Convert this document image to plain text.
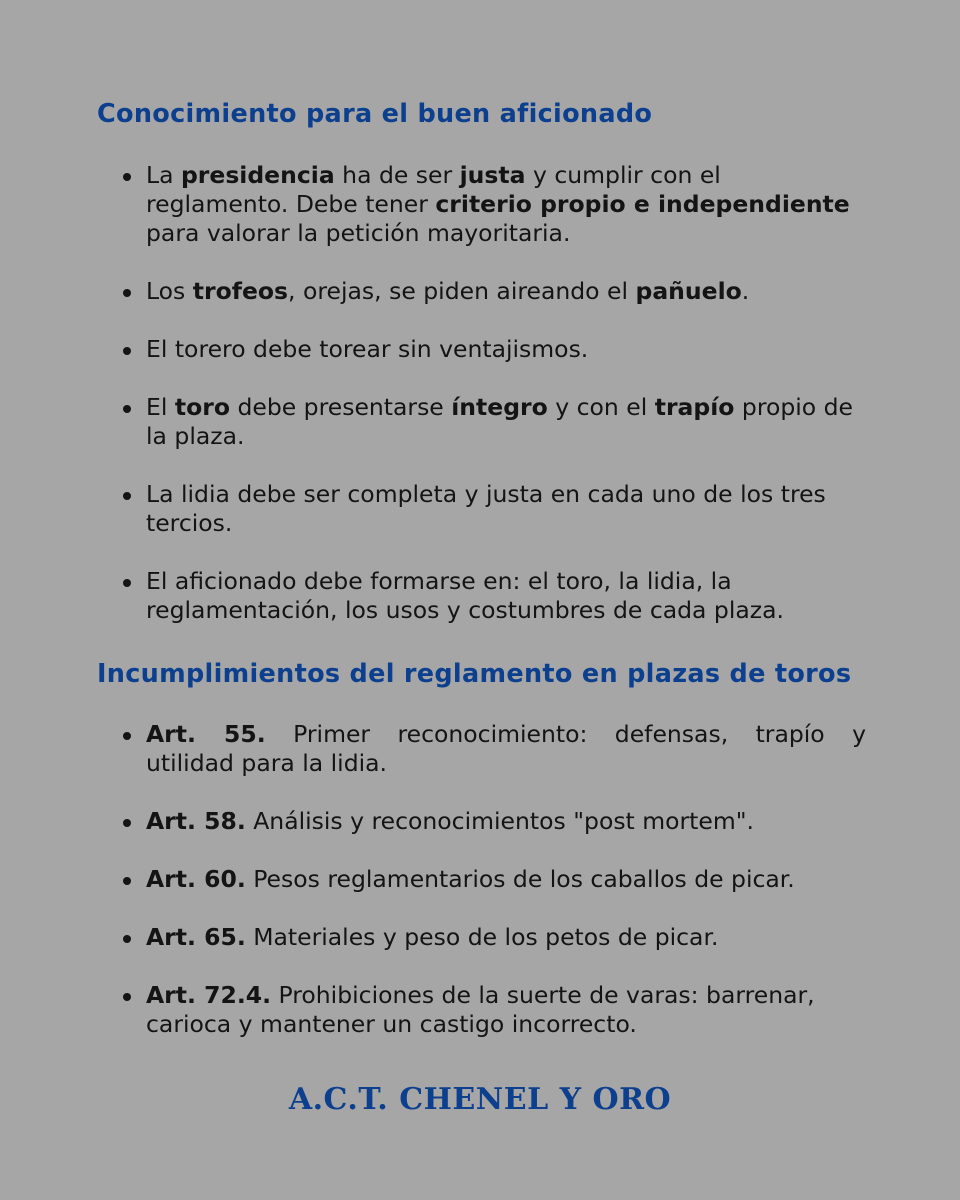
Conocimiento para el buen aficionado
La presidencia ha de ser justa y cumplir con el reglamento. Debe tener criterio propio e independiente para valorar la petición mayoritaria.
Los trofeos, orejas, se piden aireando el pañuelo.
El torero debe torear sin ventajismos.
El toro debe presentarse íntegro y con el trapío propio de la plaza.
La lidia debe ser completa y justa en cada uno de los tres tercios.
El aficionado debe formarse en: el toro, la lidia, la reglamentación, los usos y costumbres de cada plaza.
Incumplimientos del reglamento en plazas de toros
Art. 55. Primer reconocimiento: defensas, trapío y
utilidad para la lidia.
Art. 58. Análisis y reconocimientos "post mortem".
Art. 60. Pesos reglamentarios de los caballos de picar.
Art. 65. Materiales y peso de los petos de picar.
Art. 72.4. Prohibiciones de la suerte de varas: barrenar, carioca y mantener un castigo incorrecto.

A.C.T. CHENEL Y ORO
